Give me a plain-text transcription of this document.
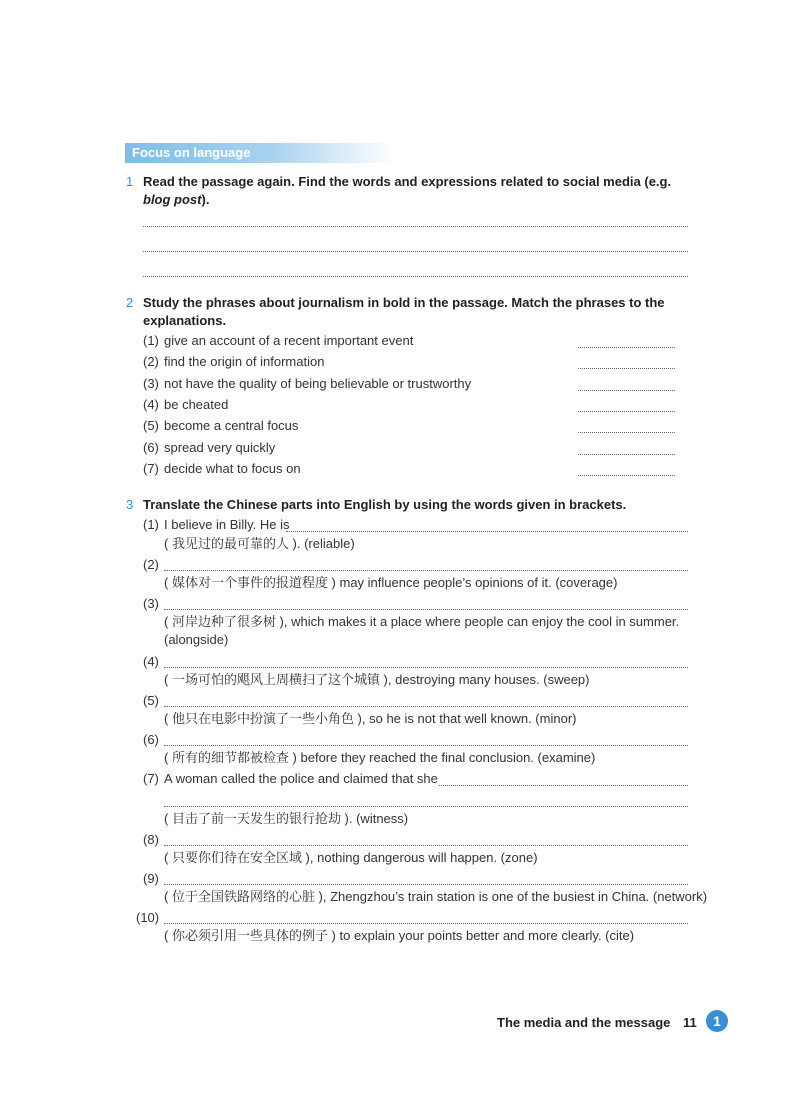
Focus on language
1 Read the passage again. Find the words and expressions related to social media (e.g.
blog post).
2 Study the phrases about journalism in bold in the passage. Match the phrases to the explanations.
(1) give an account of a recent important event
(2) find the origin of information
(3) not have the quality of being believable or trustworthy
(4) be cheated
(5) become a central focus
(6) spread very quickly
(7) decide what to focus on
3 Translate the Chinese parts into English by using the words given in brackets.
(1) I believe in Billy. He is
( 我见过的最可靠的人 ). (reliable)
(2)
( 媒体对一个事件的报道程度 ) may influence people’s opinions of it. (coverage)
(3)
( 河岸边种了很多树 ), which makes it a place where people can enjoy the cool in summer.
(alongside)
(4)
( 一场可怕的飓风上周横扫了这个城镇 ), destroying many houses. (sweep)
(5)
( 他只在电影中扮演了一些小角色 ), so he is not that well known. (minor)
(6)
( 所有的细节都被检查 ) before they reached the final conclusion. (examine)
(7) A woman called the police and claimed that she
( 目击了前一天发生的银行抢劫 ). (witness)
(8)
( 只要你们待在安全区域 ), nothing dangerous will happen. (zone)
(9)
( 位于全国铁路网络的心脏 ), Zhengzhou’s train station is one of the busiest in China. (network)
(10)
( 你必须引用一些具体的例子 ) to explain your points better and more clearly. (cite)
The media and the message 11	1
